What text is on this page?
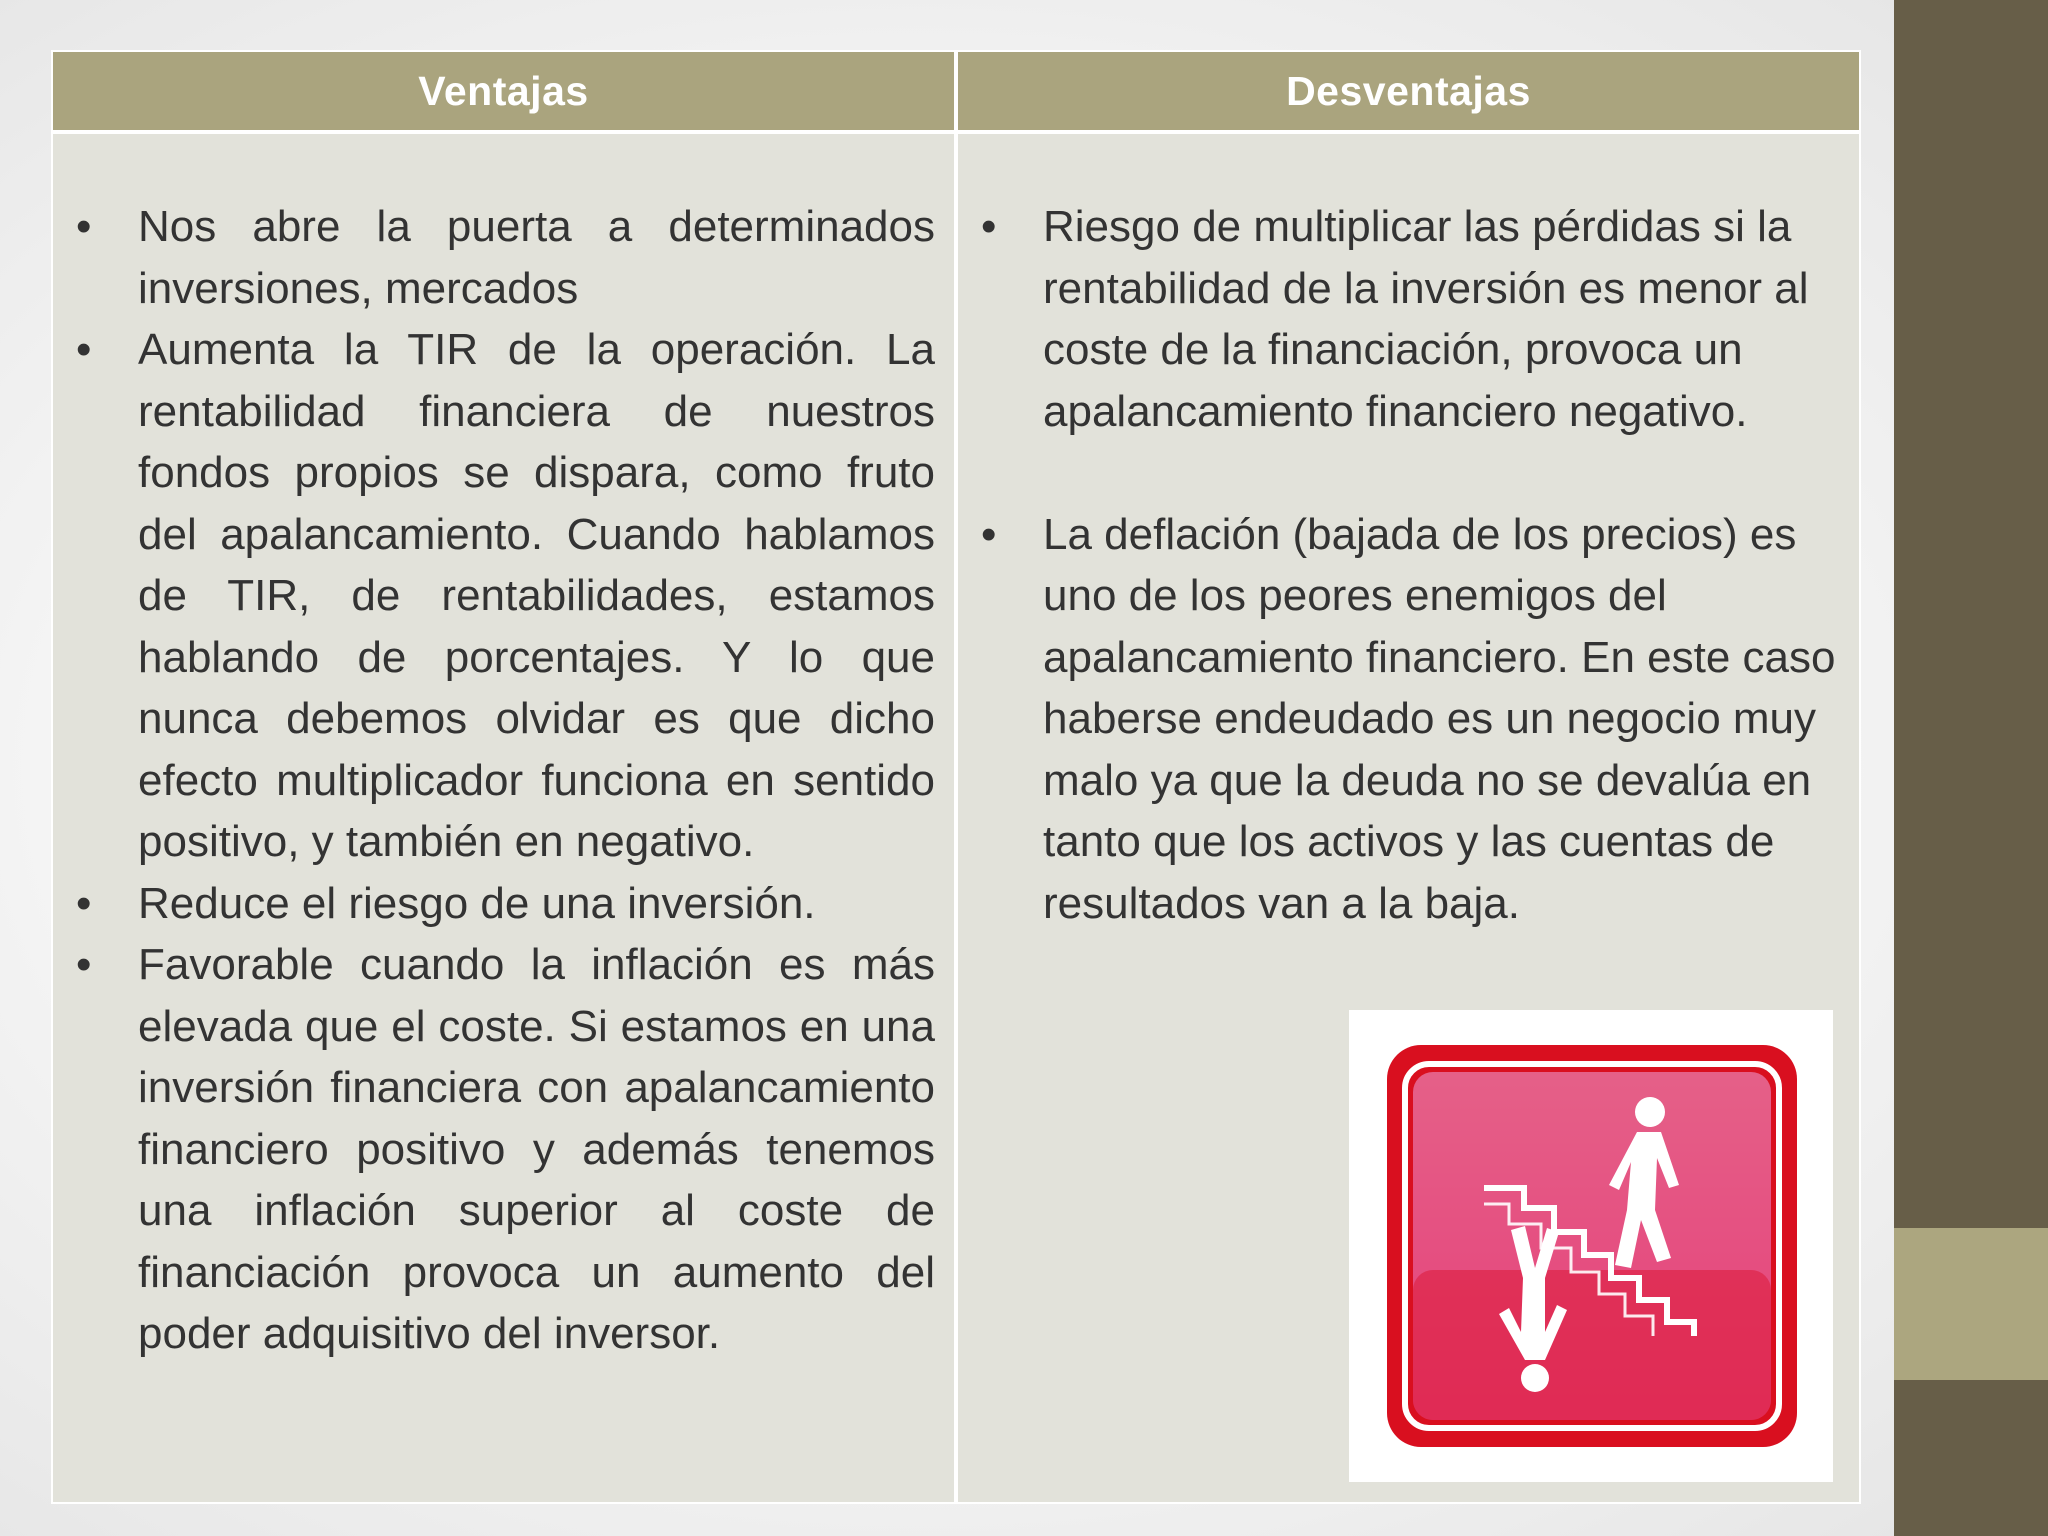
Ventajas	Desventajas
• Nos abre la puerta a determinados inversiones, mercados
• Aumenta la TIR de la operación. La rentabilidad financiera de nuestros fondos propios se dispara, como fruto del apalancamiento. Cuando hablamos de TIR, de rentabilidades, estamos hablando de porcentajes. Y lo que nunca debemos olvidar es que dicho efecto multiplicador funciona en sentido positivo, y también en negativo.
• Reduce el riesgo de una inversión.
• Favorable cuando la inflación es más elevada que el coste. Si estamos en una inversión financiera con apalancamiento financiero positivo y además tenemos una inflación superior al coste de financiación provoca un aumento del poder adquisitivo del inversor.
• Riesgo de multiplicar las pérdidas si la rentabilidad de la inversión es menor al coste de la financiación, provoca un apalancamiento financiero negativo.
• La deflación (bajada de los precios) es uno de los peores enemigos del apalancamiento financiero. En este caso haberse endeudado es un negocio muy malo ya que la deuda no se devalúa en tanto que los activos y las cuentas de resultados van a la baja.
